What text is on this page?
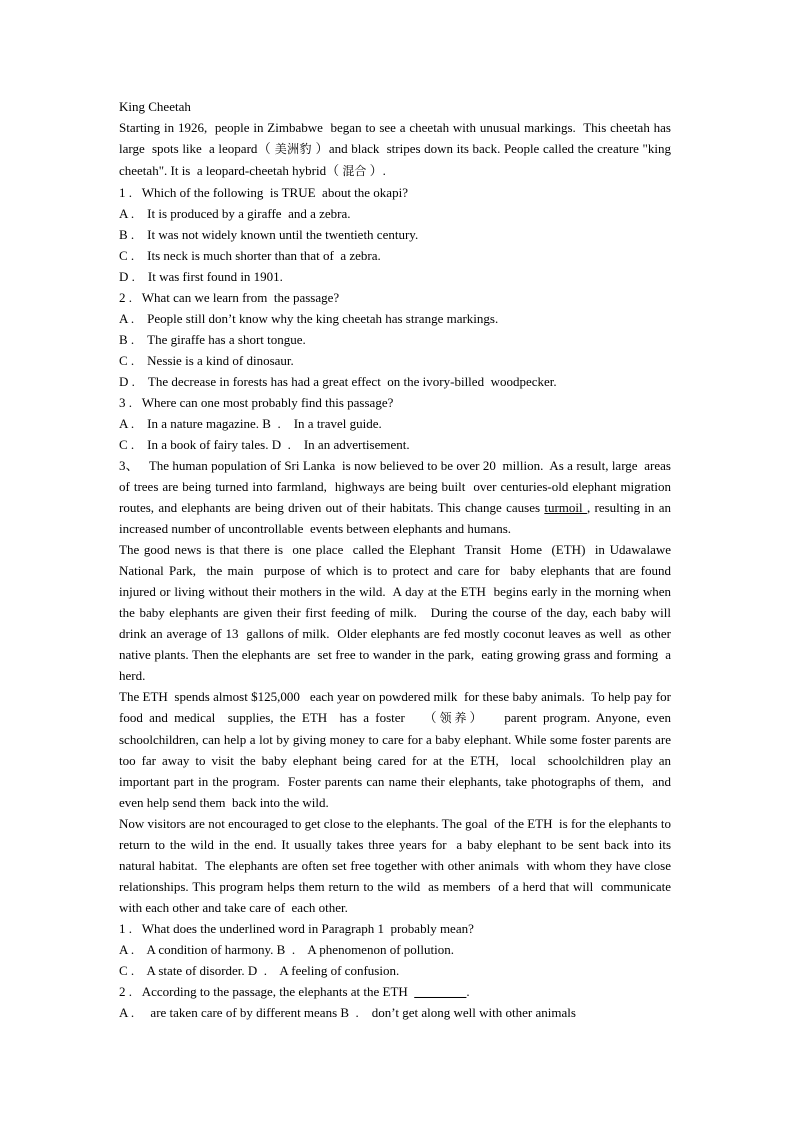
King Cheetah

Starting in 1926,  people in Zimbabwe  began to see a cheetah with unusual markings.  This cheetah has large  spots like  a leopard（ 美洲豹 ）and black  stripes down its back. People called the creature "king cheetah". It is  a leopard-cheetah hybrid（ 混合 ）.

1 . Which of the following  is TRUE  about the okapi?

A . It is produced by a giraffe  and a zebra.

B . It was not widely known until the twentieth century.

C . Its neck is much shorter than that of  a zebra.

D . It was first found in 1901.

2 . What can we learn from  the passage?

A . People still don’t know why the king cheetah has strange markings.

B . The giraffe has a short tongue.

C . Nessie is a kind of dinosaur.

D . The decrease in forests has had a great effect  on the ivory-billed  woodpecker.

3 . Where can one most probably find this passage?

A .    In a nature magazine. B  .    In a travel guide.

C .    In a book of fairy tales. D  .    In an advertisement.

3、 The human population of Sri Lanka  is now believed to be over 20  million.  As a result, large  areas of trees are being turned into farmland,  highways are being built  over centuries-old elephant migration routes, and elephants are being driven out of their habitats. This change causes turmoil , resulting in an increased number of uncontrollable  events between elephants and humans.

The good news is that there is  one place  called the Elephant  Transit  Home  (ETH)  in Udawalawe National Park,  the main  purpose of which is to protect and care for  baby elephants that are found injured or living without their mothers in the wild.  A day at the ETH  begins early in the morning when the baby elephants are given their first feeding of milk.   During the course of the day, each baby will drink an average of 13  gallons of milk.  Older elephants are fed mostly coconut leaves as well  as other native plants. Then the elephants are  set free to wander in the park,  eating growing grass and forming  a herd.

The ETH  spends almost $125,000   each year on powdered milk  for these baby animals.  To help pay for food and medical  supplies, the ETH  has a foster   （领养）   parent program. Anyone, even schoolchildren, can help a lot by giving money to care for a baby elephant. While some foster parents are too far away to visit the baby elephant being cared for at the ETH,  local  schoolchildren play an important part in the program.  Foster parents can name their elephants, take photographs of them,  and even help send them  back into the wild.

Now visitors are not encouraged to get close to the elephants. The goal  of the ETH  is for the elephants to return to the wild in the end. It usually takes three years for  a baby elephant to be sent back into its natural habitat.  The elephants are often set free together with other animals  with whom they have close relationships. This program helps them return to the wild  as members  of a herd that will  communicate with each other and take care of  each other.

1 . What does the underlined word in Paragraph 1  probably mean?

A .    A condition of harmony. B  .    A phenomenon of pollution.

C .    A state of disorder. D  .    A feeling of confusion.

2 . According to the passage, the elephants at the ETH  ________.

A .     are taken care of by different means B  .    don’t get along well with other animals
